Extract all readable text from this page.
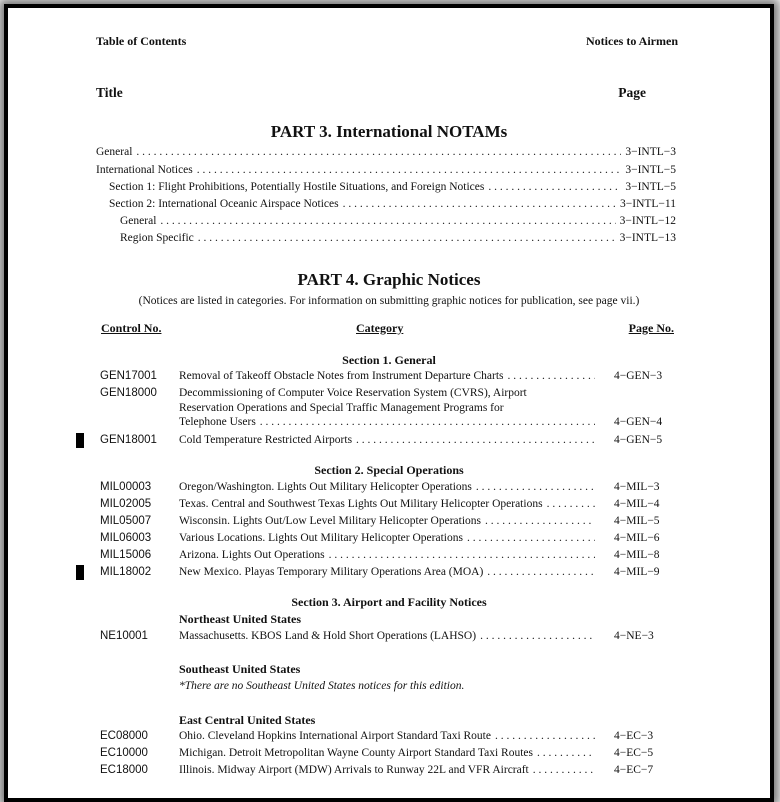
Table of Contents	Notices to Airmen
Title	Page
PART 3. International NOTAMs
General . . .	3−INTL−3
International Notices . . .	3−INTL−5
Section 1: Flight Prohibitions, Potentially Hostile Situations, and Foreign Notices . . .	3−INTL−5
Section 2: International Oceanic Airspace Notices . . .	3−INTL−11
General . . .	3−INTL−12
Region Specific . . .	3−INTL−13
PART 4. Graphic Notices
(Notices are listed in categories. For information on submitting graphic notices for publication, see page vii.)
Control No.	Category	Page No.
Section 1. General
GEN17001 Removal of Takeoff Obstacle Notes from Instrument Departure Charts . . .	4−GEN−3
GEN18000 Decommissioning of Computer Voice Reservation System (CVRS), Airport
Reservation Operations and Special Traffic Management Programs for
Telephone Users . . .	4−GEN−4
GEN18001 Cold Temperature Restricted Airports . . .	4−GEN−5
Section 2. Special Operations
MIL00003 Oregon/Washington. Lights Out Military Helicopter Operations . . .	4−MIL−3
MIL02005 Texas. Central and Southwest Texas Lights Out Military Helicopter Operations . . .	4−MIL−4
MIL05007 Wisconsin. Lights Out/Low Level Military Helicopter Operations . . .	4−MIL−5
MIL06003 Various Locations. Lights Out Military Helicopter Operations . . .	4−MIL−6
MIL15006 Arizona. Lights Out Operations . . .	4−MIL−8
MIL18002 New Mexico. Playas Temporary Military Operations Area (MOA) . . .	4−MIL−9
Section 3. Airport and Facility Notices
Northeast United States
NE10001	Massachusetts. KBOS Land & Hold Short Operations (LAHSO) . . .	4−NE−3
Southeast United States
*There are no Southeast United States notices for this edition.
East Central United States
EC08000	Ohio. Cleveland Hopkins International Airport Standard Taxi Route . . .	4−EC−3
EC10000	Michigan. Detroit Metropolitan Wayne County Airport Standard Taxi Routes . . .	4−EC−5
EC18000	Illinois. Midway Airport (MDW) Arrivals to Runway 22L and VFR Aircraft . . .	4−EC−7
